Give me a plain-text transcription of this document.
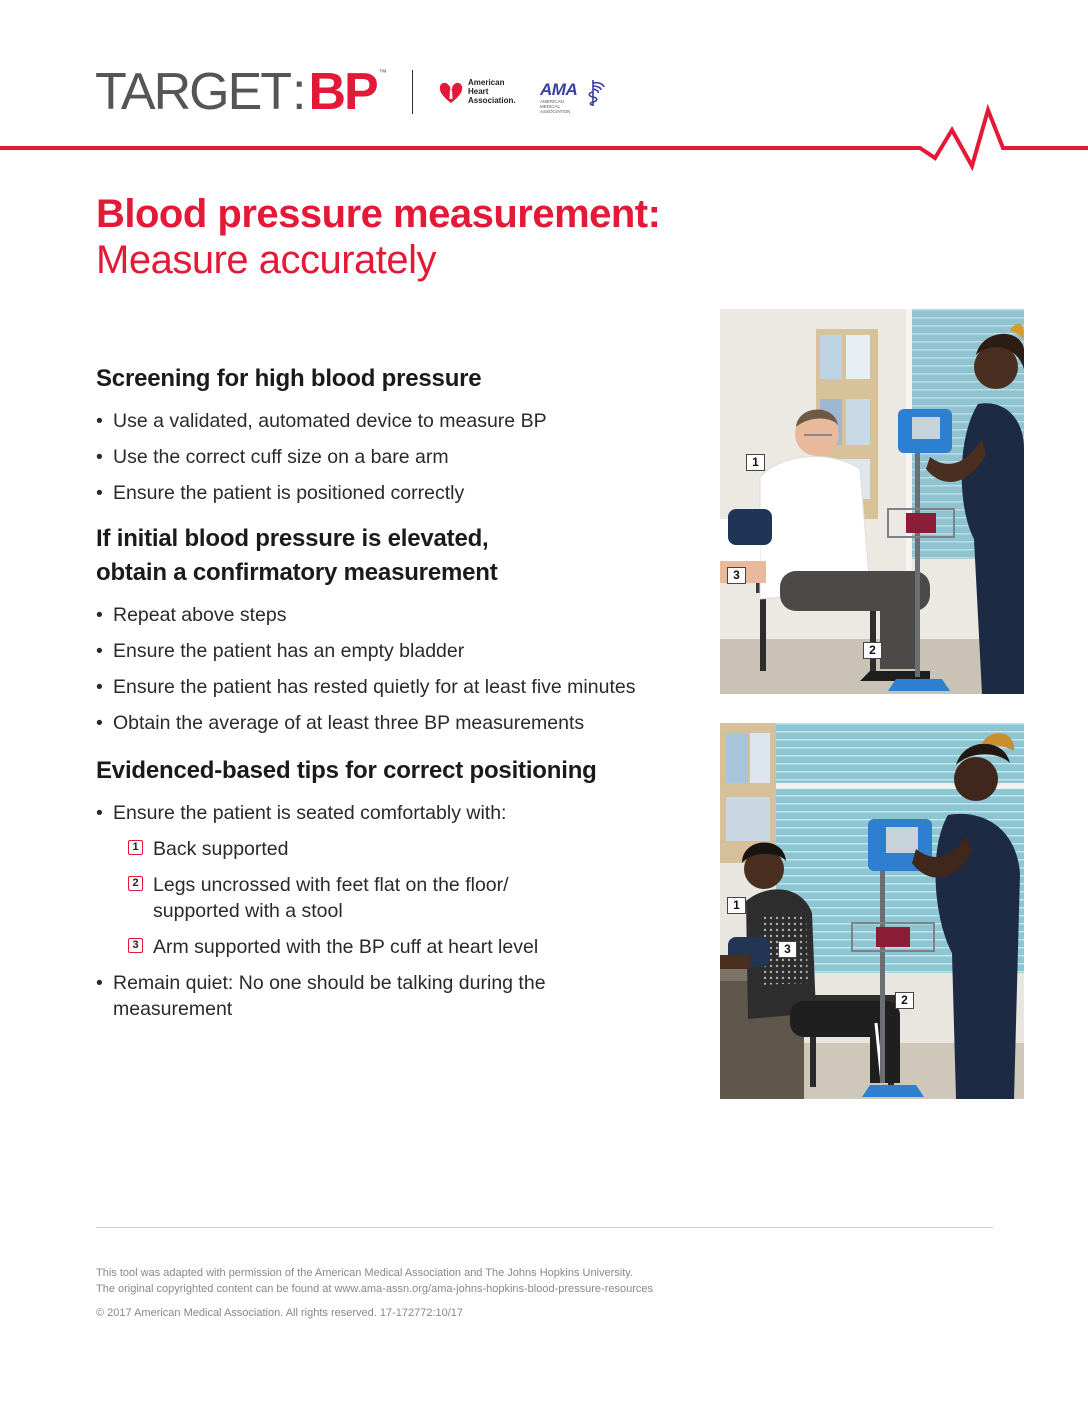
TARGET : BP ™
American
Heart
Association.
AMA
AMERICAN MEDICAL
ASSOCIATION
Blood pressure measurement:
Measure accurately
Screening for high blood pressure
• Use a validated, automated device to measure BP
• Use the correct cuff size on a bare arm
• Ensure the patient is positioned correctly
If initial blood pressure is elevated,
obtain a confirmatory measurement
• Repeat above steps
• Ensure the patient has an empty bladder
• Ensure the patient has rested quietly for at least five minutes
• Obtain the average of at least three BP measurements
Evidenced-based tips for correct positioning
• Ensure the patient is seated comfortably with:
1 Back supported
2 Legs uncrossed with feet flat on the floor/
supported with a stool
3 Arm supported with the BP cuff at heart level
• Remain quiet: No one should be talking during the
measurement
1
3
2
1
3
2

This tool was adapted with permission of the American Medical Association and The Johns Hopkins University.

The original copyrighted content can be found at www.ama-assn.org/ama-johns-hopkins-blood-pressure-resources

© 2017 American Medical Association. All rights reserved. 17-172772:10/17
